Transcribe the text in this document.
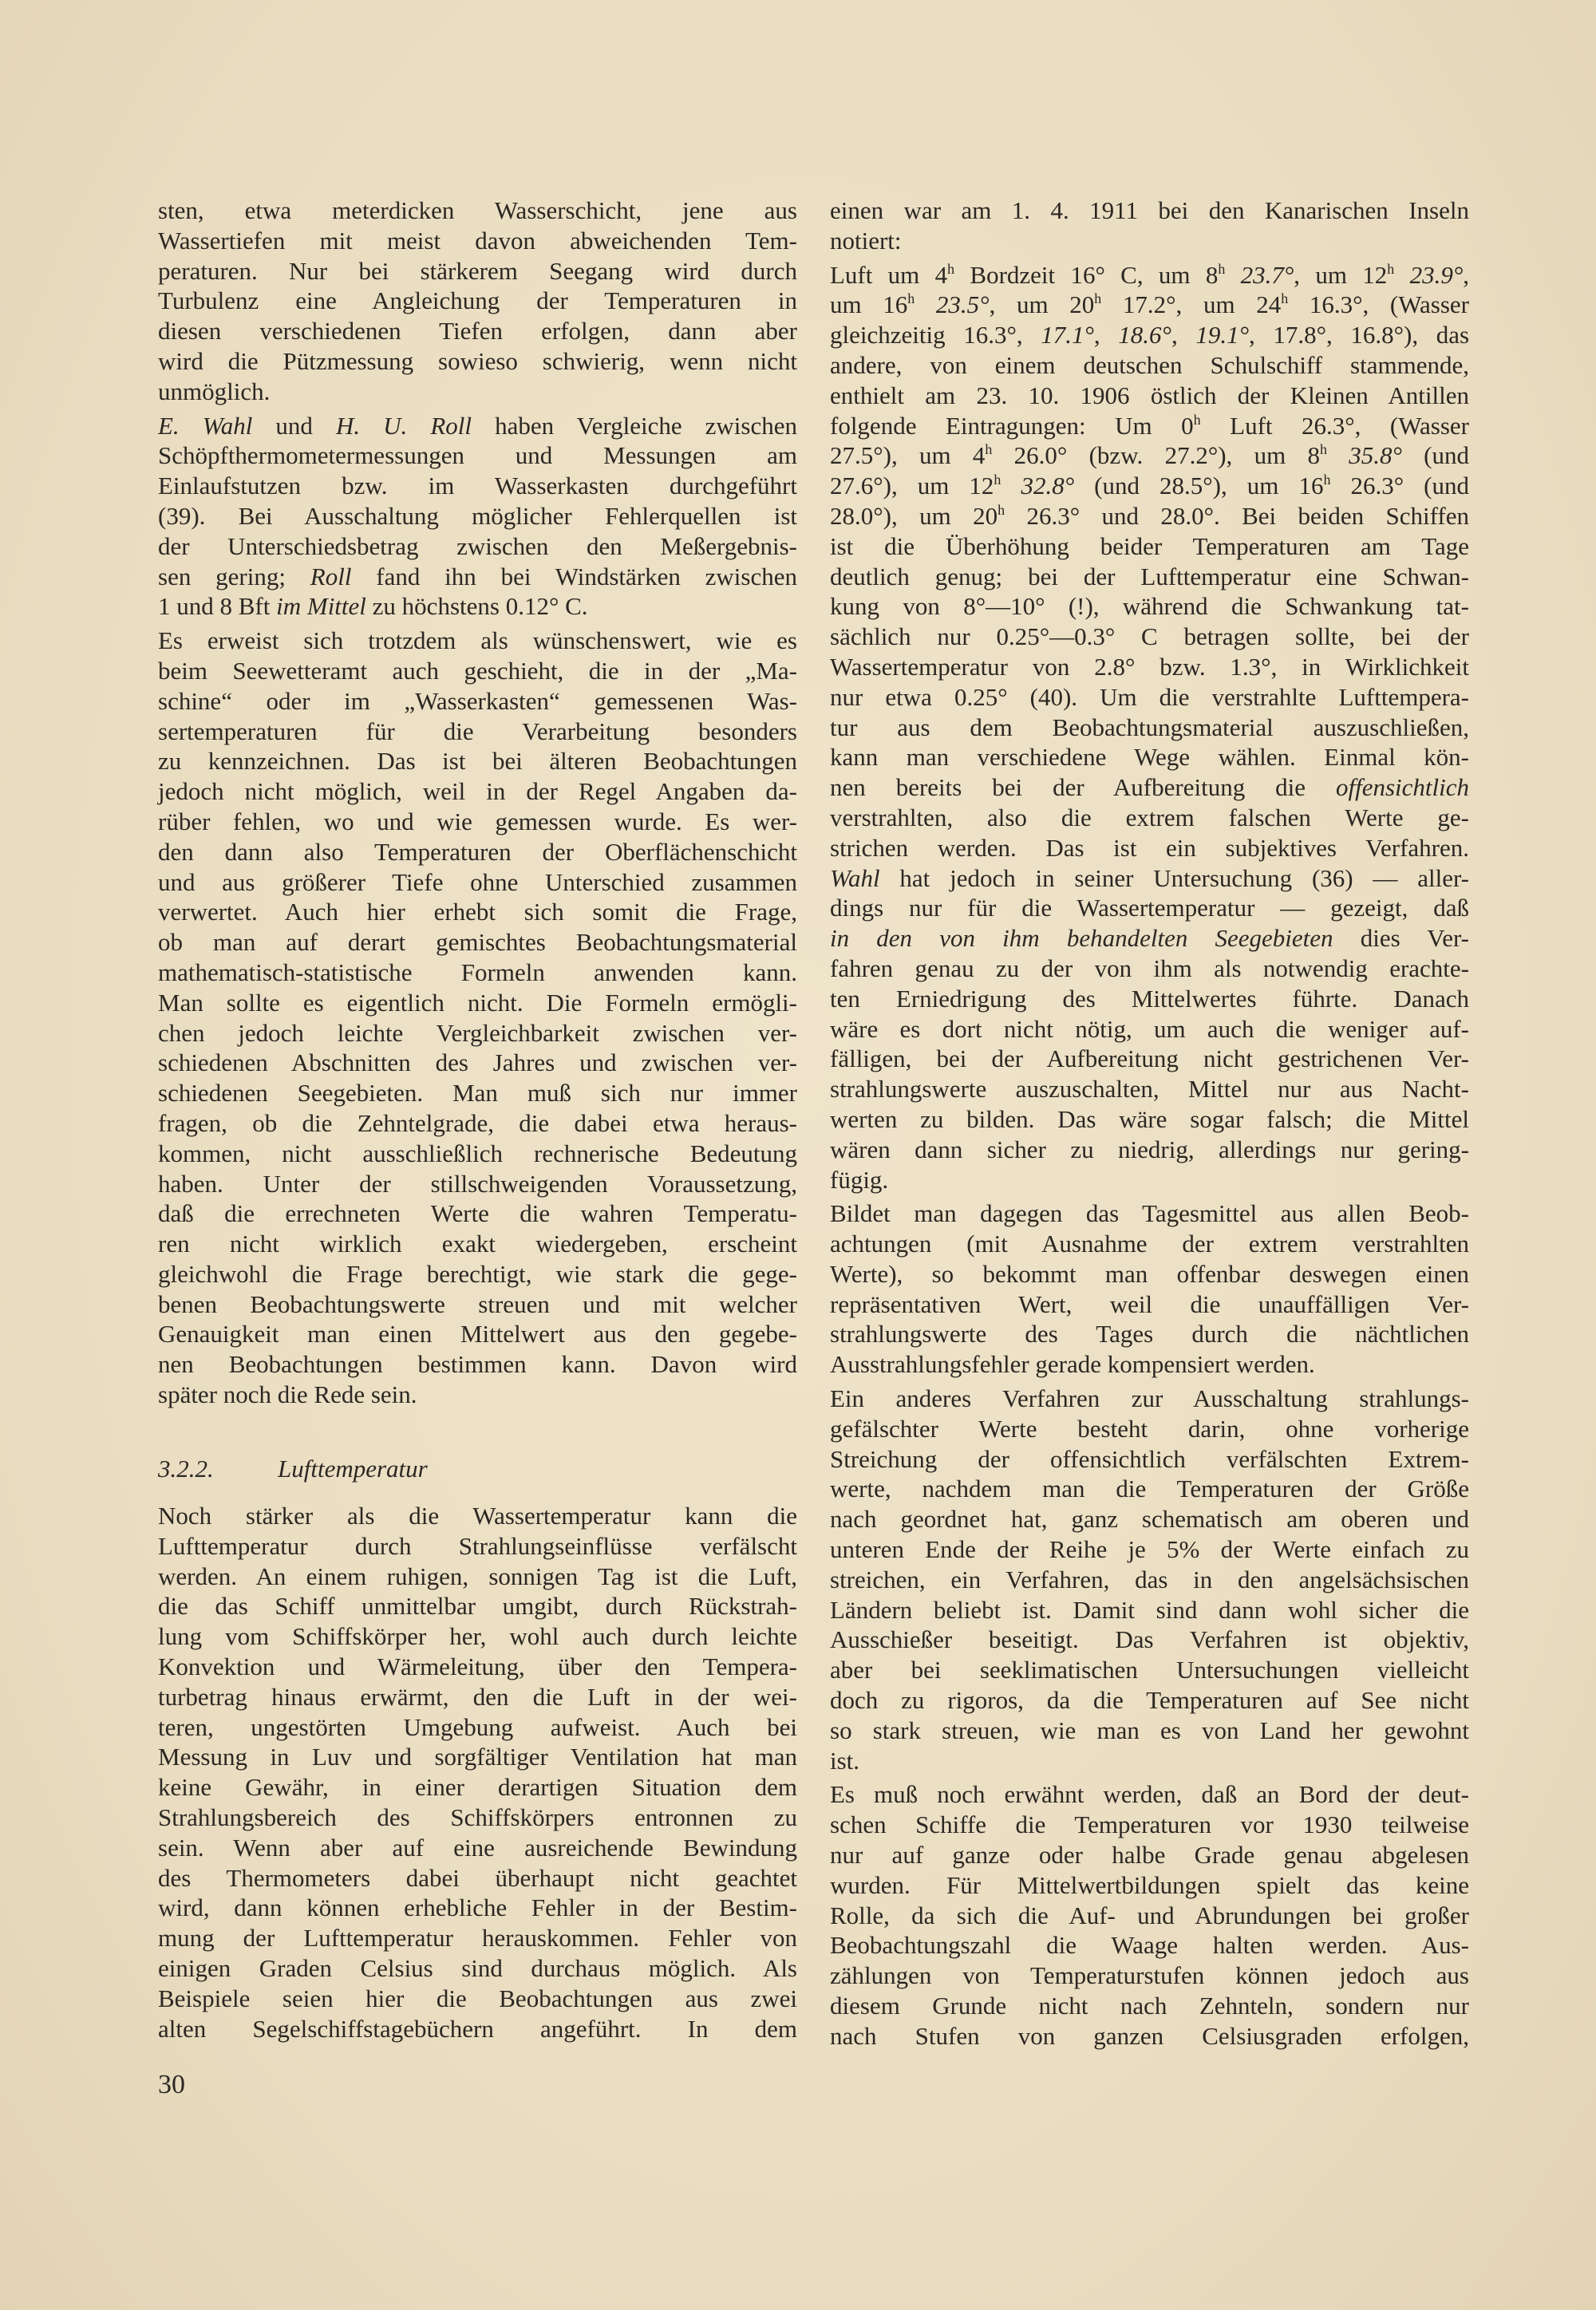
sten, etwa meterdicken Wasserschicht, jene aus
Wassertiefen mit meist davon abweichenden Tem-
peraturen. Nur bei stärkerem Seegang wird durch
Turbulenz eine Angleichung der Temperaturen in
diesen verschiedenen Tiefen erfolgen, dann aber
wird die Pützmessung sowieso schwierig, wenn nicht
unmöglich.
E. Wahl und H. U. Roll haben Vergleiche zwischen
Schöpfthermometermessungen und Messungen am
Einlaufstutzen bzw. im Wasserkasten durchgeführt
(39). Bei Ausschaltung möglicher Fehlerquellen ist
der Unterschiedsbetrag zwischen den Meßergebnis-
sen gering; Roll fand ihn bei Windstärken zwischen
1 und 8 Bft im Mittel zu höchstens 0.12° C.
Es erweist sich trotzdem als wünschenswert, wie es
beim Seewetteramt auch geschieht, die in der „Ma-
schine“ oder im „Wasserkasten“ gemessenen Was-
sertemperaturen für die Verarbeitung besonders
zu kennzeichnen. Das ist bei älteren Beobachtungen
jedoch nicht möglich, weil in der Regel Angaben da-
rüber fehlen, wo und wie gemessen wurde. Es wer-
den dann also Temperaturen der Oberflächenschicht
und aus größerer Tiefe ohne Unterschied zusammen
verwertet. Auch hier erhebt sich somit die Frage,
ob man auf derart gemischtes Beobachtungsmaterial
mathematisch-statistische Formeln anwenden kann.
Man sollte es eigentlich nicht. Die Formeln ermögli-
chen jedoch leichte Vergleichbarkeit zwischen ver-
schiedenen Abschnitten des Jahres und zwischen ver-
schiedenen Seegebieten. Man muß sich nur immer
fragen, ob die Zehntelgrade, die dabei etwa heraus-
kommen, nicht ausschließlich rechnerische Bedeutung
haben. Unter der stillschweigenden Voraussetzung,
daß die errechneten Werte die wahren Temperatu-
ren nicht wirklich exakt wiedergeben, erscheint
gleichwohl die Frage berechtigt, wie stark die gege-
benen Beobachtungswerte streuen und mit welcher
Genauigkeit man einen Mittelwert aus den gegebe-
nen Beobachtungen bestimmen kann. Davon wird
später noch die Rede sein.
3.2.2.	Lufttemperatur
Noch stärker als die Wassertemperatur kann die
Lufttemperatur durch Strahlungseinflüsse verfälscht
werden. An einem ruhigen, sonnigen Tag ist die Luft,
die das Schiff unmittelbar umgibt, durch Rückstrah-
lung vom Schiffskörper her, wohl auch durch leichte
Konvektion und Wärmeleitung, über den Tempera-
turbetrag hinaus erwärmt, den die Luft in der wei-
teren, ungestörten Umgebung aufweist. Auch bei
Messung in Luv und sorgfältiger Ventilation hat man
keine Gewähr, in einer derartigen Situation dem
Strahlungsbereich des Schiffskörpers entronnen zu
sein. Wenn aber auf eine ausreichende Bewindung
des Thermometers dabei überhaupt nicht geachtet
wird, dann können erhebliche Fehler in der Bestim-
mung der Lufttemperatur herauskommen. Fehler von
einigen Graden Celsius sind durchaus möglich. Als
Beispiele seien hier die Beobachtungen aus zwei
alten Segelschiffstagebüchern angeführt. In dem
einen war am 1. 4. 1911 bei den Kanarischen Inseln
notiert:
Luft um 4$^h$ Bordzeit 16° C, um 8$^h$ 23.7°, um 12$^h$ 23.9°,
um 16$^h$ 23.5°, um 20$^h$ 17.2°, um 24$^h$ 16.3°, (Wasser
gleichzeitig 16.3°, 17.1°, 18.6°, 19.1°, 17.8°, 16.8°), das
andere, von einem deutschen Schulschiff stammende,
enthielt am 23. 10. 1906 östlich der Kleinen Antillen
folgende Eintragungen: Um 0$^h$ Luft 26.3°, (Wasser
27.5°), um 4$^h$ 26.0° (bzw. 27.2°), um 8$^h$ 35.8° (und
27.6°), um 12$^h$ 32.8° (und 28.5°), um 16$^h$ 26.3° (und
28.0°), um 20$^h$ 26.3° und 28.0°. Bei beiden Schiffen
ist die Überhöhung beider Temperaturen am Tage
deutlich genug; bei der Lufttemperatur eine Schwan-
kung von 8°—10° (!), während die Schwankung tat-
sächlich nur 0.25°—0.3° C betragen sollte, bei der
Wassertemperatur von 2.8° bzw. 1.3°, in Wirklichkeit
nur etwa 0.25° (40). Um die verstrahlte Lufttempera-
tur aus dem Beobachtungsmaterial auszuschließen,
kann man verschiedene Wege wählen. Einmal kön-
nen bereits bei der Aufbereitung die offensichtlich
verstrahlten, also die extrem falschen Werte ge-
strichen werden. Das ist ein subjektives Verfahren.
Wahl hat jedoch in seiner Untersuchung (36) — aller-
dings nur für die Wassertemperatur — gezeigt, daß
in den von ihm behandelten Seegebieten dies Ver-
fahren genau zu der von ihm als notwendig erachte-
ten Erniedrigung des Mittelwertes führte. Danach
wäre es dort nicht nötig, um auch die weniger auf-
fälligen, bei der Aufbereitung nicht gestrichenen Ver-
strahlungswerte auszuschalten, Mittel nur aus Nacht-
werten zu bilden. Das wäre sogar falsch; die Mittel
wären dann sicher zu niedrig, allerdings nur gering-
fügig.
Bildet man dagegen das Tagesmittel aus allen Beob-
achtungen (mit Ausnahme der extrem verstrahlten
Werte), so bekommt man offenbar deswegen einen
repräsentativen Wert, weil die unauffälligen Ver-
strahlungswerte des Tages durch die nächtlichen
Ausstrahlungsfehler gerade kompensiert werden.
Ein anderes Verfahren zur Ausschaltung strahlungs-
gefälschter Werte besteht darin, ohne vorherige
Streichung der offensichtlich verfälschten Extrem-
werte, nachdem man die Temperaturen der Größe
nach geordnet hat, ganz schematisch am oberen und
unteren Ende der Reihe je 5% der Werte einfach zu
streichen, ein Verfahren, das in den angelsächsischen
Ländern beliebt ist. Damit sind dann wohl sicher die
Ausschießer beseitigt. Das Verfahren ist objektiv,
aber bei seeklimatischen Untersuchungen vielleicht
doch zu rigoros, da die Temperaturen auf See nicht
so stark streuen, wie man es von Land her gewohnt
ist.
Es muß noch erwähnt werden, daß an Bord der deut-
schen Schiffe die Temperaturen vor 1930 teilweise
nur auf ganze oder halbe Grade genau abgelesen
wurden. Für Mittelwertbildungen spielt das keine
Rolle, da sich die Auf- und Abrundungen bei großer
Beobachtungszahl die Waage halten werden. Aus-
zählungen von Temperaturstufen können jedoch aus
diesem Grunde nicht nach Zehnteln, sondern nur
nach Stufen von ganzen Celsiusgraden erfolgen,
30
